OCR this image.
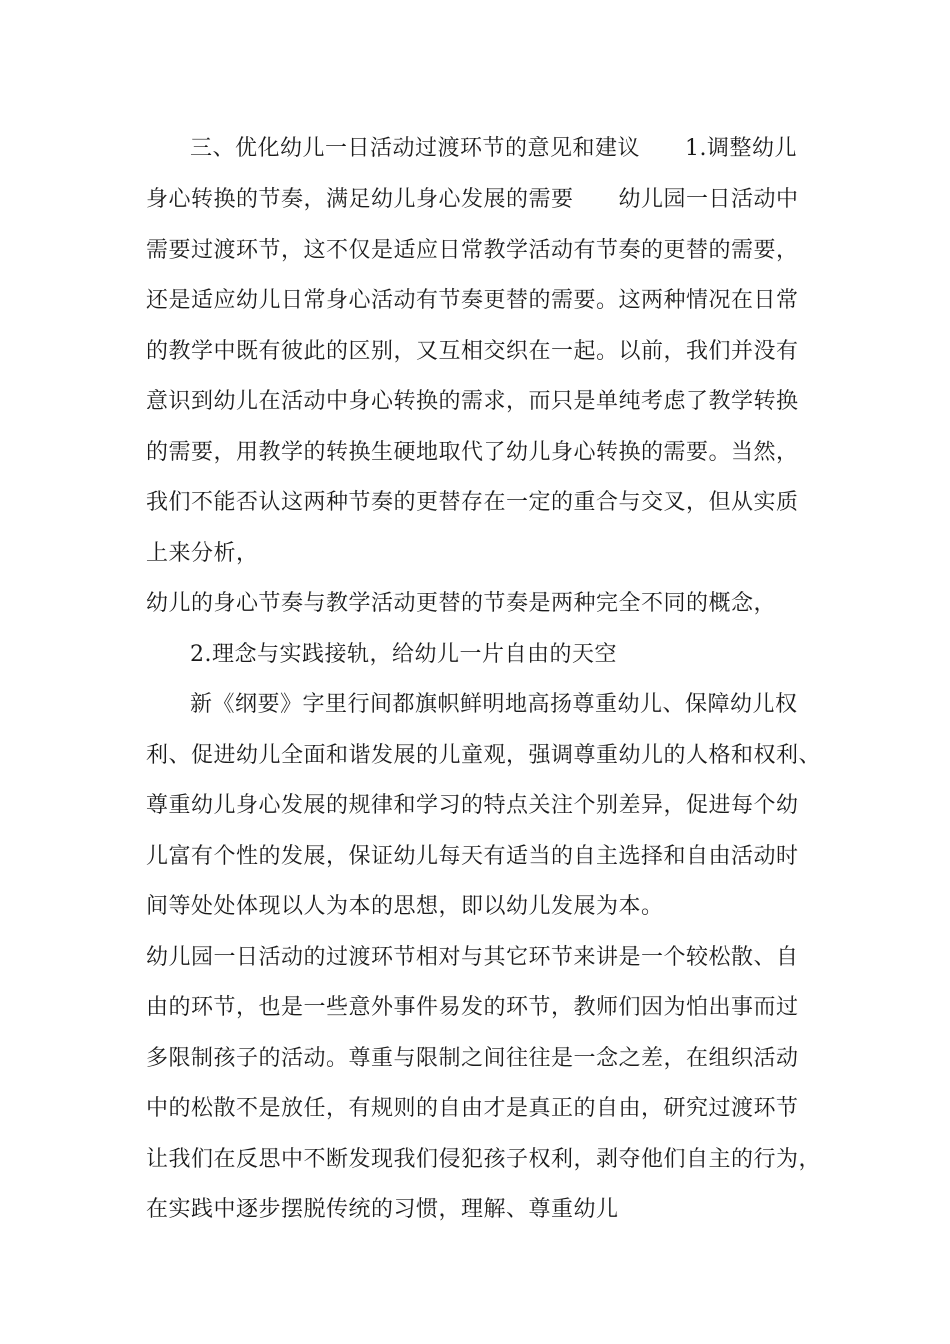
三、优化幼儿一日活动过渡环节的意见和建议　　1.调整幼儿
身心转换的节奏，满足幼儿身心发展的需要　　幼儿园一日活动中
需要过渡环节，这不仅是适应日常教学活动有节奏的更替的需要，
还是适应幼儿日常身心活动有节奏更替的需要。这两种情况在日常
的教学中既有彼此的区别，又互相交织在一起。以前，我们并没有
意识到幼儿在活动中身心转换的需求，而只是单纯考虑了教学转换
的需要，用教学的转换生硬地取代了幼儿身心转换的需要。当然，
我们不能否认这两种节奏的更替存在一定的重合与交叉，但从实质
上来分析，
幼儿的身心节奏与教学活动更替的节奏是两种完全不同的概念，
2.理念与实践接轨，给幼儿一片自由的天空
新《纲要》字里行间都旗帜鲜明地高扬尊重幼儿、保障幼儿权
利、促进幼儿全面和谐发展的儿童观，强调尊重幼儿的人格和权利、
尊重幼儿身心发展的规律和学习的特点关注个别差异，促进每个幼
儿富有个性的发展，保证幼儿每天有适当的自主选择和自由活动时
间等处处体现以人为本的思想，即以幼儿发展为本。
幼儿园一日活动的过渡环节相对与其它环节来讲是一个较松散、自
由的环节，也是一些意外事件易发的环节，教师们因为怕出事而过
多限制孩子的活动。尊重与限制之间往往是一念之差，在组织活动
中的松散不是放任，有规则的自由才是真正的自由，研究过渡环节
让我们在反思中不断发现我们侵犯孩子权利，剥夺他们自主的行为，
在实践中逐步摆脱传统的习惯，理解、尊重幼儿
